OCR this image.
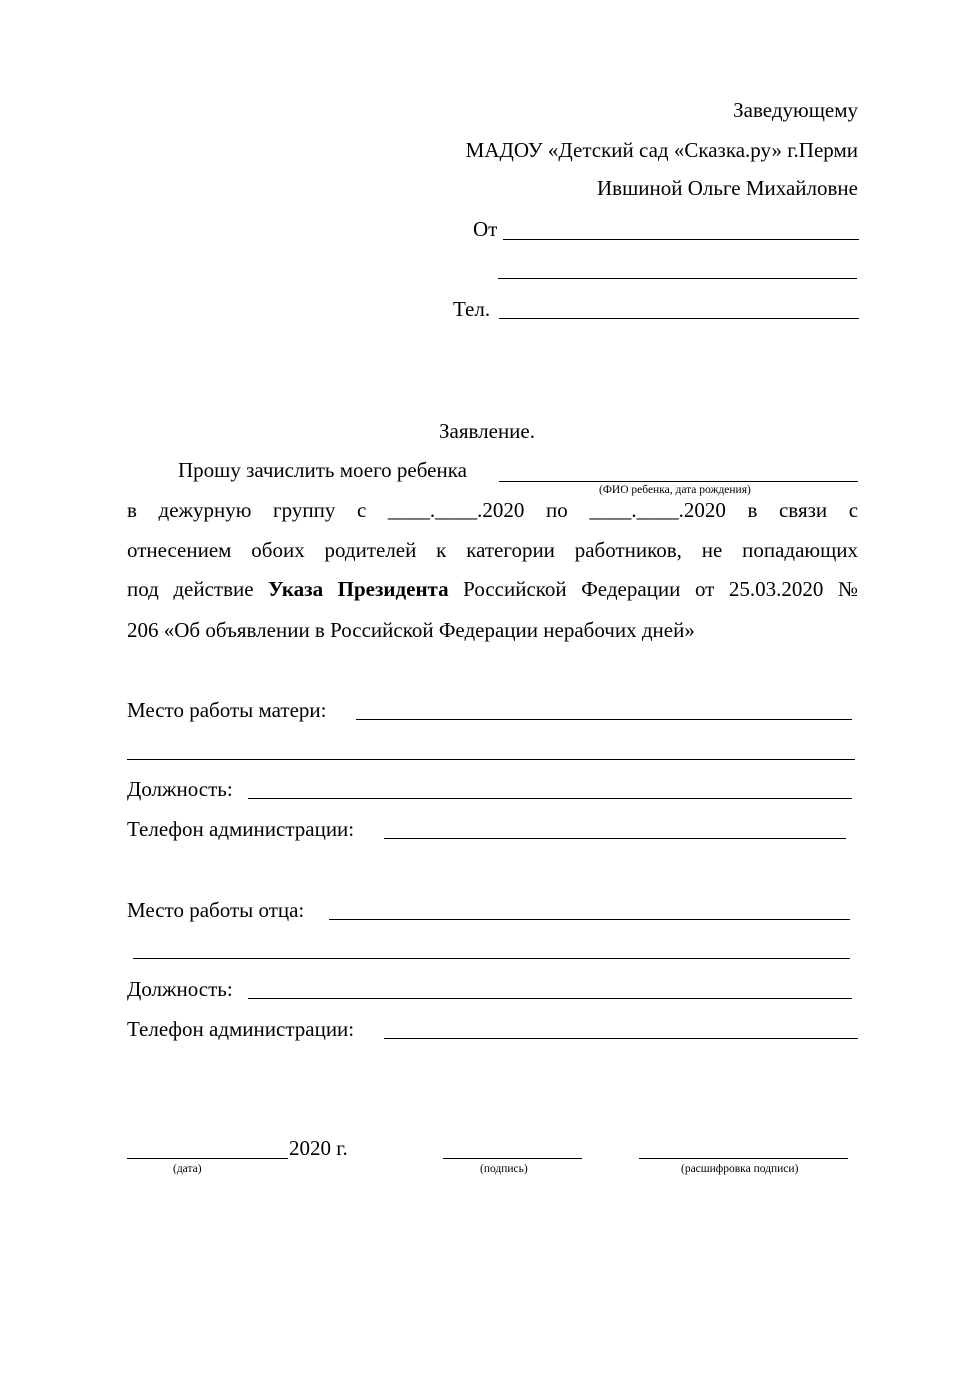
Заведующему
МАДОУ «Детский сад «Сказка.ру» г.Перми
Ившиной Ольге Михайловне
От
Тел.
Заявление.
Прошу зачислить моего ребенка
(ФИО ребенка, дата рождения)
в дежурную группу с ____.____.2020 по ____.____.2020 в связи с
отнесением обоих родителей к категории работников, не попадающих
под действие Указа Президента Российской Федерации от 25.03.2020 №
206 «Об объявлении в Российской Федерации нерабочих дней»
Место работы матери:
Должность:
Телефон администрации:
Место работы отца:
Должность:
Телефон администрации:
2020 г.
(дата)	(подпись)	(расшифровка подписи)
